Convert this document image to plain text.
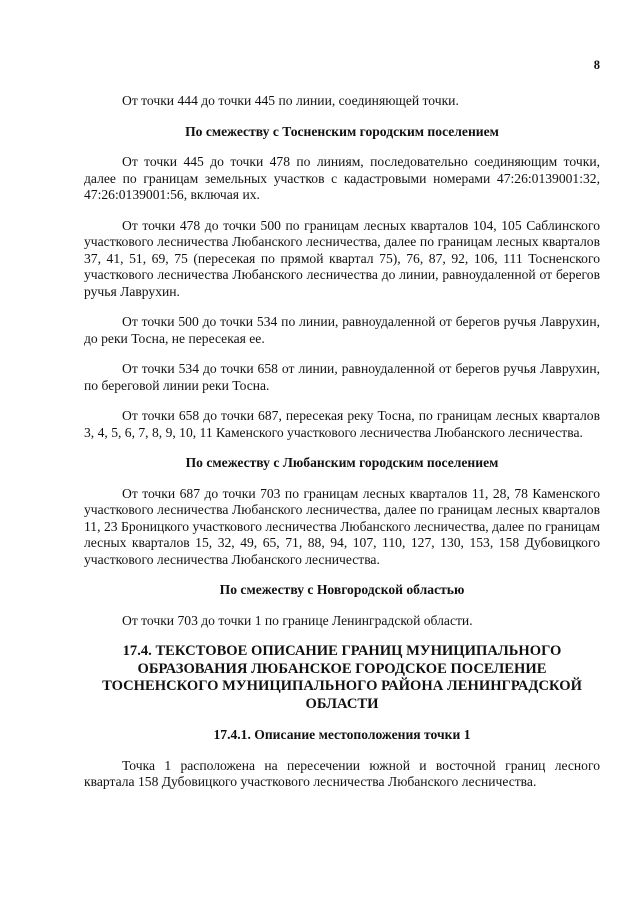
8

От точки 444 до точки 445 по линии, соединяющей точки.

По смежеству с Тосненским городским поселением

От точки 445 до точки 478 по линиям, последовательно соединяющим точки, далее по границам земельных участков с кадастровыми номерами 47:26:0139001:32, 47:26:0139001:56, включая их.

От точки 478 до точки 500 по границам лесных кварталов 104, 105 Саблинского участкового лесничества Любанского лесничества, далее по границам лесных кварталов 37, 41, 51, 69, 75 (пересекая по прямой квартал 75), 76, 87, 92, 106, 111 Тосненского участкового лесничества Любанского лесничества до линии, равноудаленной от берегов ручья Лаврухин.

От точки 500 до точки 534 по линии, равноудаленной от берегов ручья Лаврухин, до реки Тосна, не пересекая ее.

От точки 534 до точки 658 от линии, равноудаленной от берегов ручья Лаврухин, по береговой линии реки Тосна.

От точки 658 до точки 687, пересекая реку Тосна, по границам лесных кварталов 3, 4, 5, 6, 7, 8, 9, 10, 11 Каменского участкового лесничества Любанского лесничества.

По смежеству с Любанским городским поселением

От точки 687 до точки 703 по границам лесных кварталов 11, 28, 78 Каменского участкового лесничества Любанского лесничества, далее по границам лесных кварталов 11, 23 Броницкого участкового лесничества Любанского лесничества, далее по границам лесных кварталов 15, 32, 49, 65, 71, 88, 94, 107, 110, 127, 130, 153, 158 Дубовицкого участкового лесничества Любанского лесничества.

По смежеству с Новгородской областью

От точки 703 до точки 1 по границе Ленинградской области.

17.4. ТЕКСТОВОЕ ОПИСАНИЕ ГРАНИЦ МУНИЦИПАЛЬНОГО ОБРАЗОВАНИЯ ЛЮБАНСКОЕ ГОРОДСКОЕ ПОСЕЛЕНИЕ ТОСНЕНСКОГО МУНИЦИПАЛЬНОГО РАЙОНА ЛЕНИНГРАДСКОЙ ОБЛАСТИ
17.4.1. Описание местоположения точки 1

Точка 1 расположена на пересечении южной и восточной границ лесного квартала 158 Дубовицкого участкового лесничества Любанского лесничества.
